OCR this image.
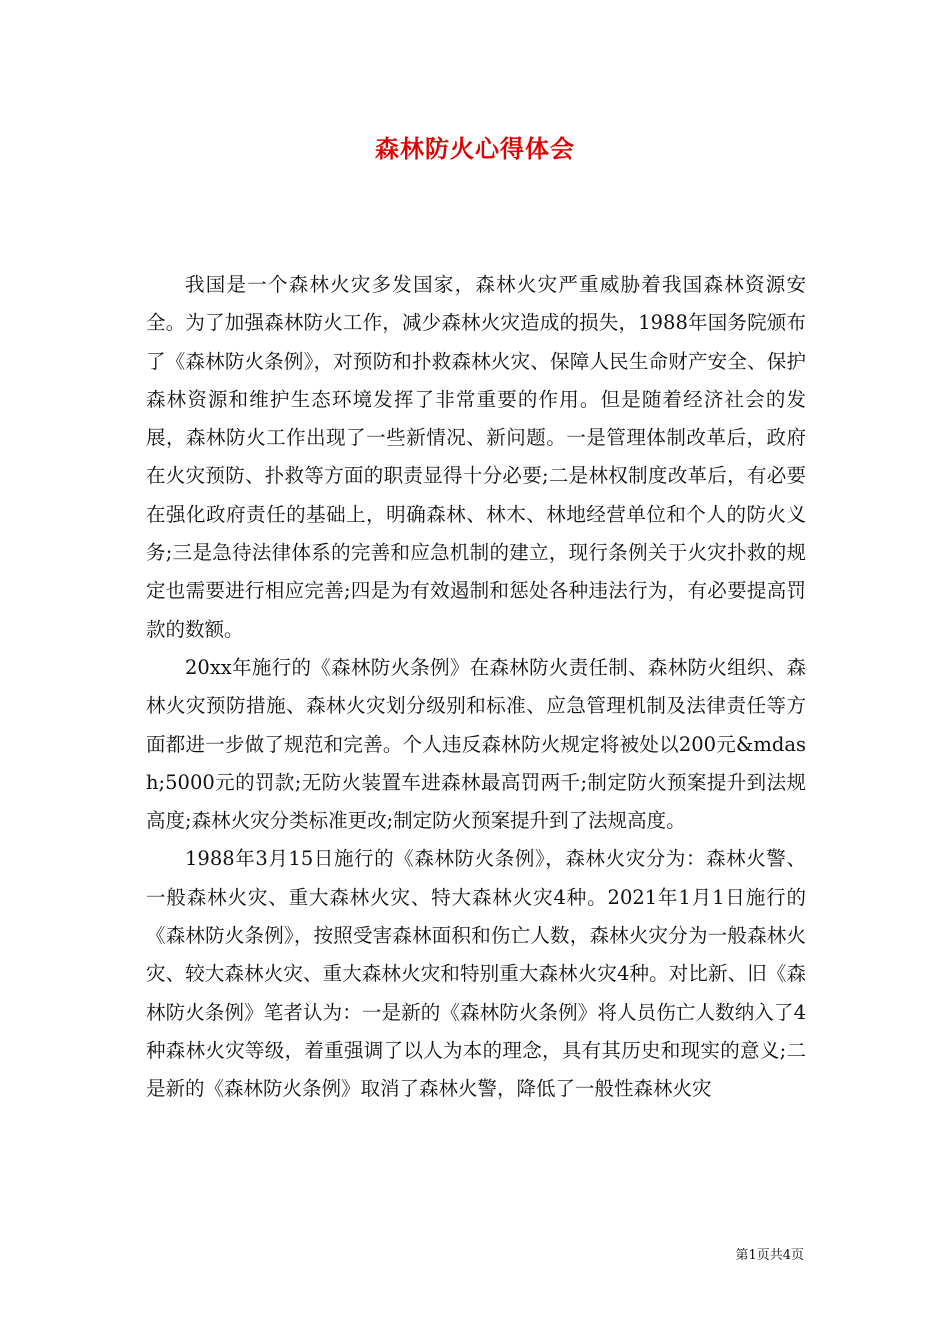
森林防火心得体会

我国是一个森林火灾多发国家，森林火灾严重威胁着我国森林资源安全。为了加强森林防火工作，减少森林火灾造成的损失，1988年国务院颁布了《森林防火条例》，对预防和扑救森林火灾、保障人民生命财产安全、保护森林资源和维护生态环境发挥了非常重要的作用。但是随着经济社会的发展，森林防火工作出现了一些新情况、新问题。一是管理体制改革后，政府在火灾预防、扑救等方面的职责显得十分必要;二是林权制度改革后，有必要在强化政府责任的基础上，明确森林、林木、林地经营单位和个人的防火义务;三是急待法律体系的完善和应急机制的建立，现行条例关于火灾扑救的规定也需要进行相应完善;四是为有效遏制和惩处各种违法行为，有必要提高罚款的数额。

20xx年施行的《森林防火条例》在森林防火责任制、森林防火组织、森林火灾预防措施、森林火灾划分级别和标准、应急管理机制及法律责任等方面都进一步做了规范和完善。个人违反森林防火规定将被处以200元&mdash;5000元的罚款;无防火装置车进森林最高罚两千;制定防火预案提升到法规高度;森林火灾分类标准更改;制定防火预案提升到了法规高度。

1988年3月15日施行的《森林防火条例》，森林火灾分为：森林火警、一般森林火灾、重大森林火灾、特大森林火灾4种。2021年1月1日施行的《森林防火条例》，按照受害森林面积和伤亡人数，森林火灾分为一般森林火灾、较大森林火灾、重大森林火灾和特别重大森林火灾4种。对比新、旧《森林防火条例》笔者认为：一是新的《森林防火条例》将人员伤亡人数纳入了4种森林火灾等级，着重强调了以人为本的理念，具有其历史和现实的意义;二是新的《森林防火条例》取消了森林火警，降低了一般性森林火灾

第1页共4页
